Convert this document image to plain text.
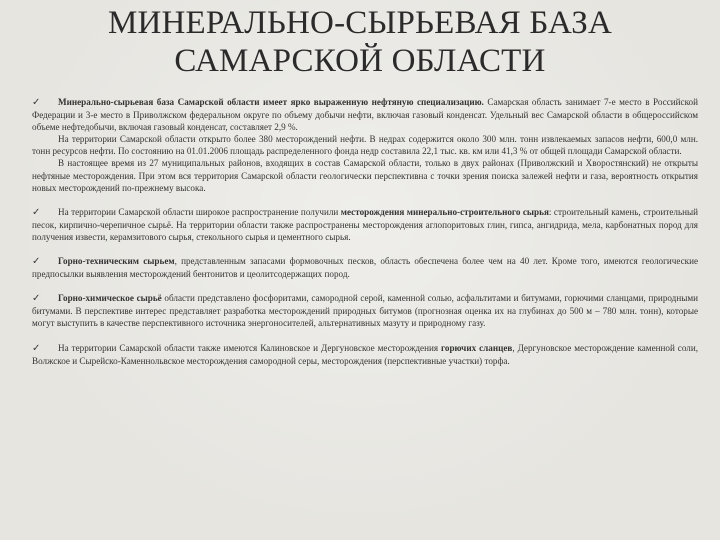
МИНЕРАЛЬНО-СЫРЬЕВАЯ БАЗА
САМАРСКОЙ ОБЛАСТИ

✓ Минерально-сырьевая база Самарской области имеет ярко выраженную нефтяную специализацию. Самарская область занимает 7-е место в Российской Федерации и 3-е место в Приволжском федеральном округе по объему добычи нефти, включая газовый конденсат. Удельный вес Самарской области в общероссийском объеме нефтедобычи, включая газовый конденсат, составляет 2,9 %.

На территории Самарской области открыто более 380 месторождений нефти. В недрах содержится около 300 млн. тонн извлекаемых запасов нефти, 600,0 млн. тонн ресурсов нефти. По состоянию на 01.01.2006 площадь распределенного фонда недр составила 22,1 тыс. кв. км или 41,3 % от общей площади Самарской области.

В настоящее время из 27 муниципальных районов, входящих в состав Самарской области, только в двух районах (Приволжский и Хворостянский) не открыты нефтяные месторождения. При этом вся территория Самарской области геологически перспективна с точки зрения поиска залежей нефти и газа, вероятность открытия новых месторождений по-прежнему высока.

✓ На территории Самарской области широкое распространение получили месторождения минерально-строительного сырья: строительный камень, строительный песок, кирпично-черепичное сырьё. На территории области также распространены месторождения аглопоритовых глин, гипса, ангидрида, мела, карбонатных пород для получения извести, керамзитового сырья, стекольного сырья и цементного сырья.

✓ Горно-техническим сырьем, представленным запасами формовочных песков, область обеспечена более чем на 40 лет. Кроме того, имеются геологические предпосылки выявления месторождений бентонитов и цеолитсодержащих пород.

✓ Горно-химическое сырьё области представлено фосфоритами, самородной серой, каменной солью, асфальтитами и битумами, горючими сланцами, природными битумами. В перспективе интерес представляет разработка месторождений природных битумов (прогнозная оценка их на глубинах до 500 м – 780 млн. тонн), которые могут выступить в качестве перспективного источника энергоносителей, альтернативных мазуту и природному газу.

✓ На территории Самарской области также имеются Калиновское и Дергуновское месторождения горючих сланцев, Дергуновское месторождение каменной соли, Волжское и Сырейско-Каменнольвское месторождения самородной серы, месторождения (перспективные участки) торфа.
